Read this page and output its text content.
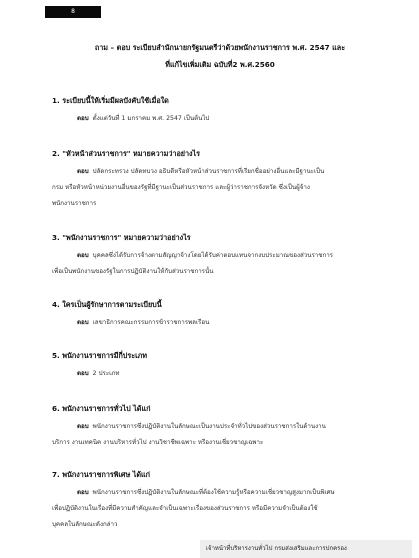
8
ถาม – ตอบ ระเบียบสำนักนายกรัฐมนตรีว่าด้วยพนักงานราชการ พ.ศ. 2547 และ
ที่แก้ไขเพิ่มเติม ฉบับที่2 พ.ศ.2560
1. ระเบียบนี้ให้เริ่มมีผลบังคับใช้เมื่อใด
ตอบ ตั้งแต่วันที่ 1 มกราคม พ.ศ. 2547 เป็นต้นไป
2. "หัวหน้าส่วนราชการ" หมายความว่าอย่างไร
ตอบ ปลัดกระทรวง ปลัดทบวง อธิบดีหรือหัวหน้าส่วนราชการที่เรียกชื่ออย่างอื่นและมีฐานะเป็น
กรม หรือหัวหน้าหน่วยงานอื่นของรัฐที่มีฐานะเป็นส่วนราชการ และผู้ว่าราชการจังหวัด ซึ่งเป็นผู้จ้าง
พนักงานราชการ
3. "พนักงานราชการ" หมายความว่าอย่างไร
ตอบ บุคคลซึ่งได้รับการจ้างตามสัญญาจ้างโดยได้รับค่าตอบแทนจากงบประมาณของส่วนราชการ
เพื่อเป็นพนักงานของรัฐในการปฏิบัติงานให้กับส่วนราชการนั้น
4. ใครเป็นผู้รักษาการตามระเบียบนี้
ตอบ เลขาธิการคณะกรรมการข้าราชการพลเรือน
5. พนักงานราชการมีกี่ประเภท
ตอบ 2 ประเภท
6. พนักงานราชการทั่วไป ได้แก่
ตอบ พนักงานราชการซึ่งปฏิบัติงานในลักษณะเป็นงานประจำทั่วไปของส่วนราชการในด้านงาน
บริการ งานเทคนิค งานบริหารทั่วไป งานวิชาชีพเฉพาะ หรืองานเชี่ยวชาญเฉพาะ
7. พนักงานราชการพิเศษ ได้แก่
ตอบ พนักงานราชการซึ่งปฏิบัติงานในลักษณะที่ต้องใช้ความรู้หรือความเชี่ยวชาญสูงมากเป็นพิเศษ
เพื่อปฏิบัติงานในเรื่องที่มีความสำคัญและจำเป็นเฉพาะเรื่องของส่วนราชการ หรือมีความจำเป็นต้องใช้
บุคคลในลักษณะดังกล่าว
เจ้าหน้าที่บริหารงานทั่วไป กรมส่งเสริมและการปกครอง
